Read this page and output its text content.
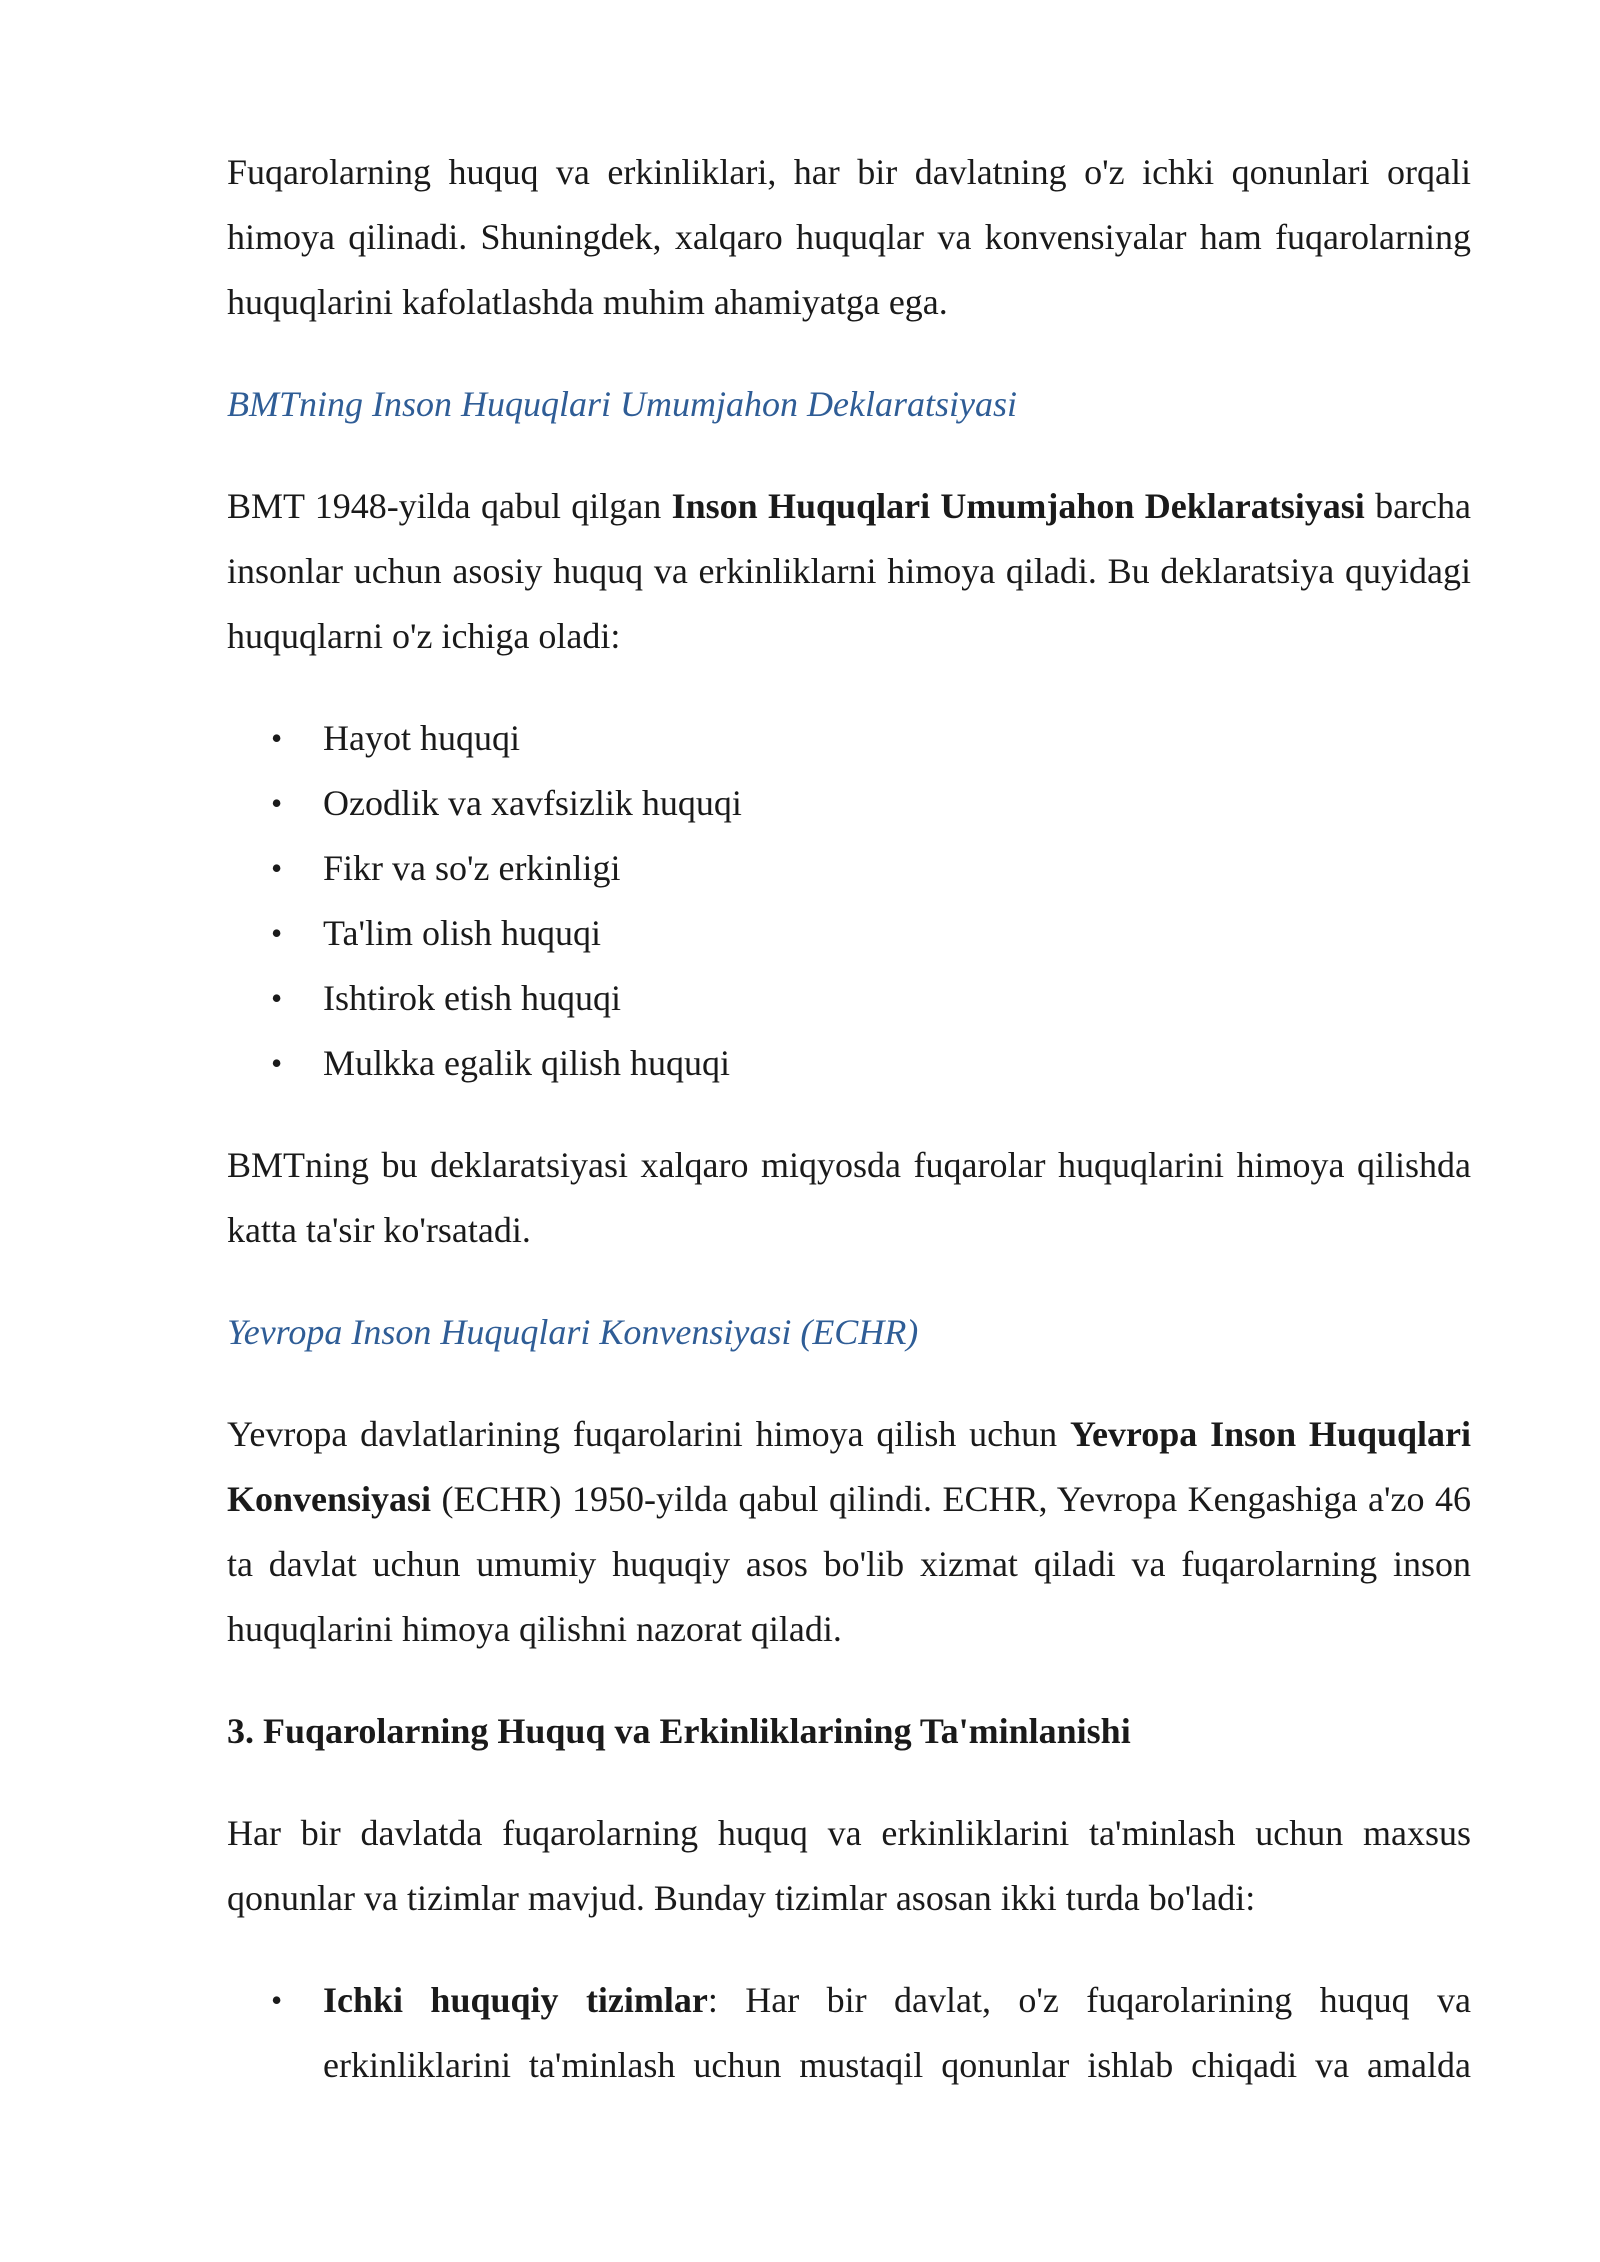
Fuqarolarning huquq va erkinliklari, har bir davlatning o'z ichki qonunlari orqali himoya qilinadi. Shuningdek, xalqaro huquqlar va konvensiyalar ham fuqarolarning huquqlarini kafolatlashda muhim ahamiyatga ega.

BMTning Inson Huquqlari Umumjahon Deklaratsiyasi

BMT 1948-yilda qabul qilgan Inson Huquqlari Umumjahon Deklaratsiyasi barcha insonlar uchun asosiy huquq va erkinliklarni himoya qiladi. Bu deklaratsiya quyidagi huquqlarni o'z ichiga oladi:

• Hayot huquqi
• Ozodlik va xavfsizlik huquqi
• Fikr va so'z erkinligi
• Ta'lim olish huquqi
• Ishtirok etish huquqi
• Mulkka egalik qilish huquqi

BMTning bu deklaratsiyasi xalqaro miqyosda fuqarolar huquqlarini himoya qilishda katta ta'sir ko'rsatadi.

Yevropa Inson Huquqlari Konvensiyasi (ECHR)

Yevropa davlatlarining fuqarolarini himoya qilish uchun Yevropa Inson Huquqlari Konvensiyasi (ECHR) 1950-yilda qabul qilindi. ECHR, Yevropa Kengashiga a'zo 46 ta davlat uchun umumiy huquqiy asos bo'lib xizmat qiladi va fuqarolarning inson huquqlarini himoya qilishni nazorat qiladi.

3. Fuqarolarning Huquq va Erkinliklarining Ta'minlanishi

Har bir davlatda fuqarolarning huquq va erkinliklarini ta'minlash uchun maxsus qonunlar va tizimlar mavjud. Bunday tizimlar asosan ikki turda bo'ladi:

• Ichki huquqiy tizimlar: Har bir davlat, o'z fuqarolarining huquq va erkinliklarini ta'minlash uchun mustaqil qonunlar ishlab chiqadi va amalda
